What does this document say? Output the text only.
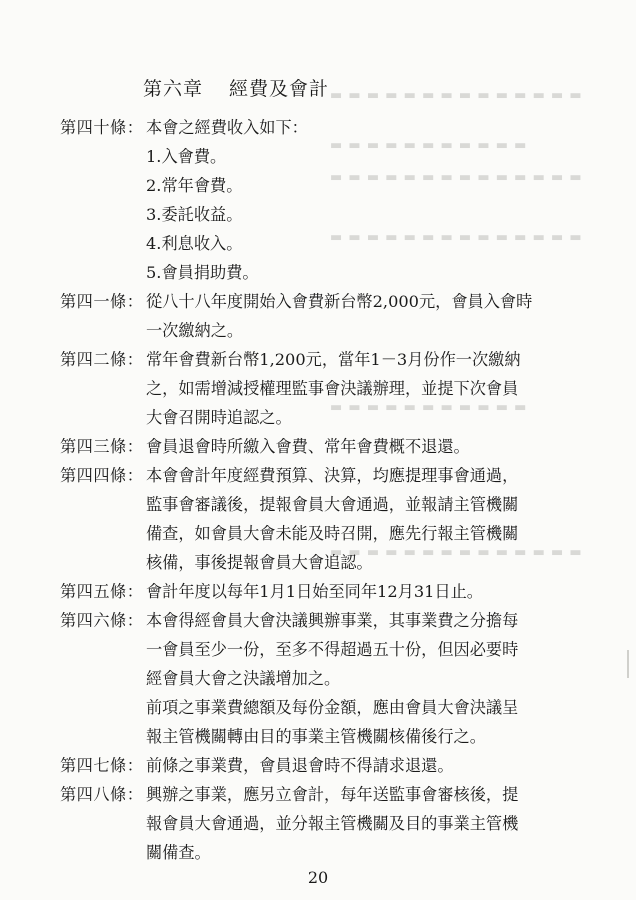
▬ ▬ ▬ ▬ ▬ ▬ ▬ ▬ ▬ ▬ ▬ ▬ ▬ ▬
▬ ▬ ▬ ▬ ▬ ▬ ▬ ▬ ▬ ▬ ▬
▬ ▬ ▬ ▬ ▬ ▬ ▬ ▬ ▬ ▬ ▬ ▬ ▬ ▬
▬ ▬ ▬ ▬ ▬ ▬ ▬ ▬ ▬ ▬ ▬ ▬ ▬ ▬
▬ ▬ ▬ ▬ ▬ ▬ ▬ ▬ ▬ ▬ ▬
▬ ▬ ▬ ▬ ▬ ▬ ▬ ▬ ▬ ▬ ▬ ▬ ▬ ▬
第六章 經費及會計
第四十條： 本會之經費收入如下：
1.入會費。
2.常年會費。
3.委託收益。
4.利息收入。
5.會員捐助費。
第四一條： 從八十八年度開始入會費新台幣2,000元，會員入會時
一次繳納之。
第四二條： 常年會費新台幣1,200元，當年1－3月份作一次繳納
之，如需增減授權理監事會決議辦理，並提下次會員
大會召開時追認之。
第四三條： 會員退會時所繳入會費、常年會費概不退還。
第四四條： 本會會計年度經費預算、決算，均應提理事會通過，
監事會審議後，提報會員大會通過，並報請主管機關
備查，如會員大會未能及時召開，應先行報主管機關
核備，事後提報會員大會追認。
第四五條： 會計年度以每年1月1日始至同年12月31日止。
第四六條： 本會得經會員大會決議興辦事業，其事業費之分擔每
一會員至少一份，至多不得超過五十份，但因必要時
經會員大會之決議增加之。
前項之事業費總額及每份金額，應由會員大會決議呈
報主管機關轉由目的事業主管機關核備後行之。
第四七條： 前條之事業費，會員退會時不得請求退還。
第四八條： 興辦之事業，應另立會計，每年送監事會審核後，提
報會員大會通過，並分報主管機關及目的事業主管機
關備查。
20
